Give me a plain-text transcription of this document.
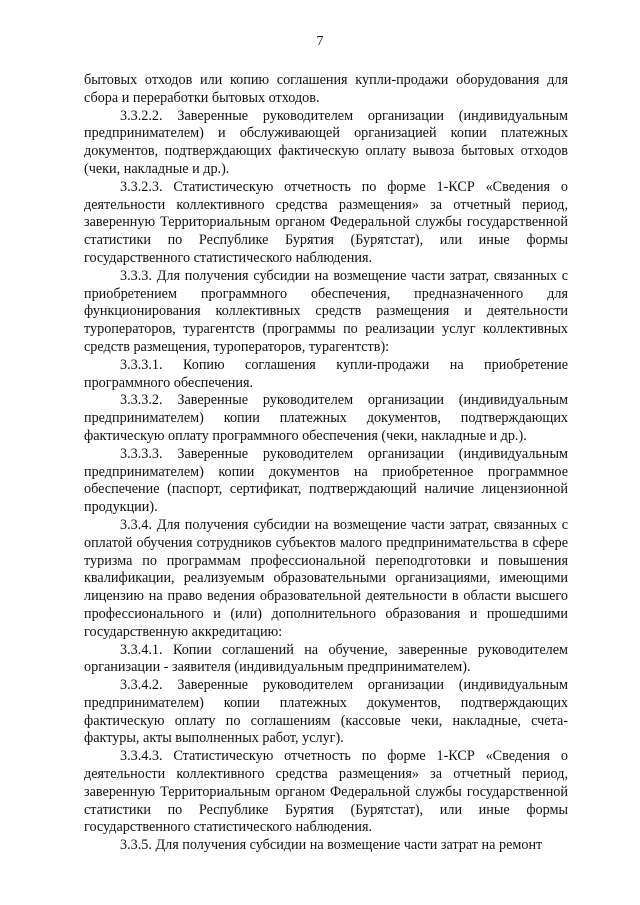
7

бытовых отходов или копию соглашения купли-продажи оборудования для сбора и переработки бытовых отходов.

3.3.2.2. Заверенные руководителем организации (индивидуальным предпринимателем) и обслуживающей организацией копии платежных документов, подтверждающих фактическую оплату вывоза бытовых отходов (чеки, накладные и др.).

3.3.2.3. Статистическую отчетность по форме 1-КСР «Сведения о деятельности коллективного средства размещения» за отчетный период, заверенную Территориальным органом Федеральной службы государственной статистики по Республике Бурятия (Бурятстат), или иные формы государственного статистического наблюдения.

3.3.3. Для получения субсидии на возмещение части затрат, связанных с приобретением программного обеспечения, предназначенного для функционирования коллективных средств размещения и деятельности туроператоров, турагентств (программы по реализации услуг коллективных средств размещения, туроператоров, турагентств):

3.3.3.1. Копию соглашения купли-продажи на приобретение программного обеспечения.

3.3.3.2. Заверенные руководителем организации (индивидуальным предпринимателем) копии платежных документов, подтверждающих фактическую оплату программного обеспечения (чеки, накладные и др.).

3.3.3.3. Заверенные руководителем организации (индивидуальным предпринимателем) копии документов на приобретенное программное обеспечение (паспорт, сертификат, подтверждающий наличие лицензионной продукции).

3.3.4. Для получения субсидии на возмещение части затрат, связанных с оплатой обучения сотрудников субъектов малого предпринимательства в сфере туризма по программам профессиональной переподготовки и повышения квалификации, реализуемым образовательными организациями, имеющими лицензию на право ведения образовательной деятельности в области высшего профессионального и (или) дополнительного образования и прошедшими государственную аккредитацию:

3.3.4.1. Копии соглашений на обучение, заверенные руководителем организации - заявителя (индивидуальным предпринимателем).

3.3.4.2. Заверенные руководителем организации (индивидуальным предпринимателем) копии платежных документов, подтверждающих фактическую оплату по соглашениям (кассовые чеки, накладные, счета-фактуры, акты выполненных работ, услуг).

3.3.4.3. Статистическую отчетность по форме 1-КСР «Сведения о деятельности коллективного средства размещения» за отчетный период, заверенную Территориальным органом Федеральной службы государственной статистики по Республике Бурятия (Бурятстат), или иные формы государственного статистического наблюдения.

3.3.5. Для получения субсидии на возмещение части затрат на ремонт
